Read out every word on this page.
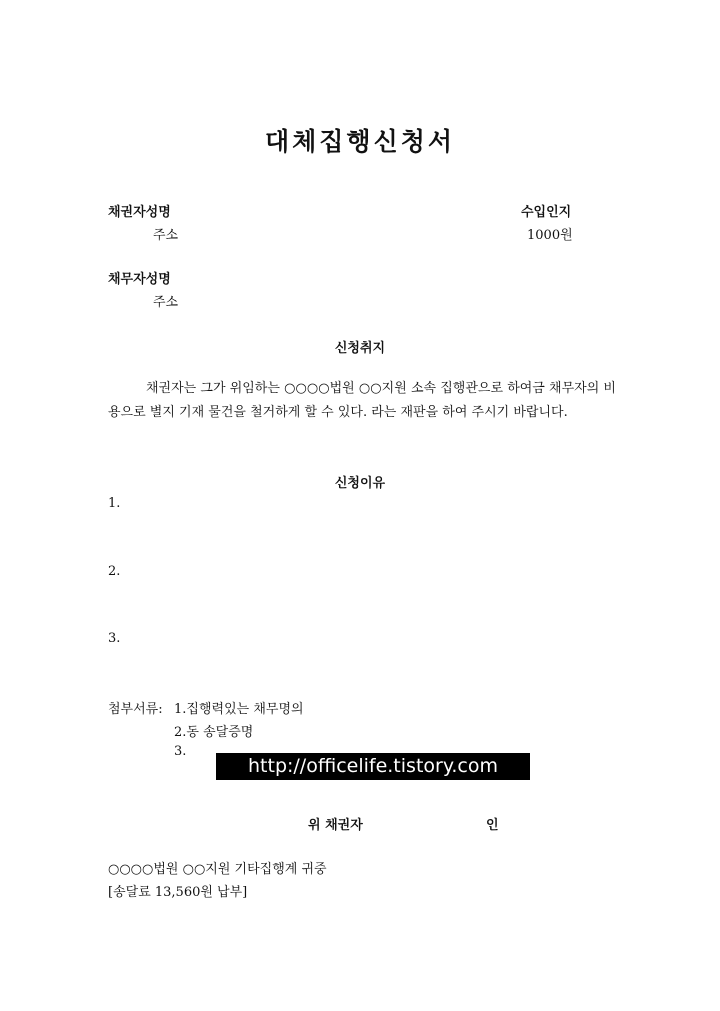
대체집행신청서
채권자성명
주소
수입인지
1000원
채무자성명
주소
신청취지
채권자는 그가 위임하는 ○○○○법원 ○○지원 소속 집행관으로 하여금 채무자의 비용으로 별지 기재 물건을 철거하게 할 수 있다. 라는 재판을 하여 주시기 바랍니다.
신청이유
1.
2.
3.
첨부서류: 1.집행력있는 채무명의
2.동 송달증명
3.
http://officelife.tistory.com
위 채권자	인
○○○○법원 ○○지원 기타집행계 귀중
[송달료 13,560원 납부]
